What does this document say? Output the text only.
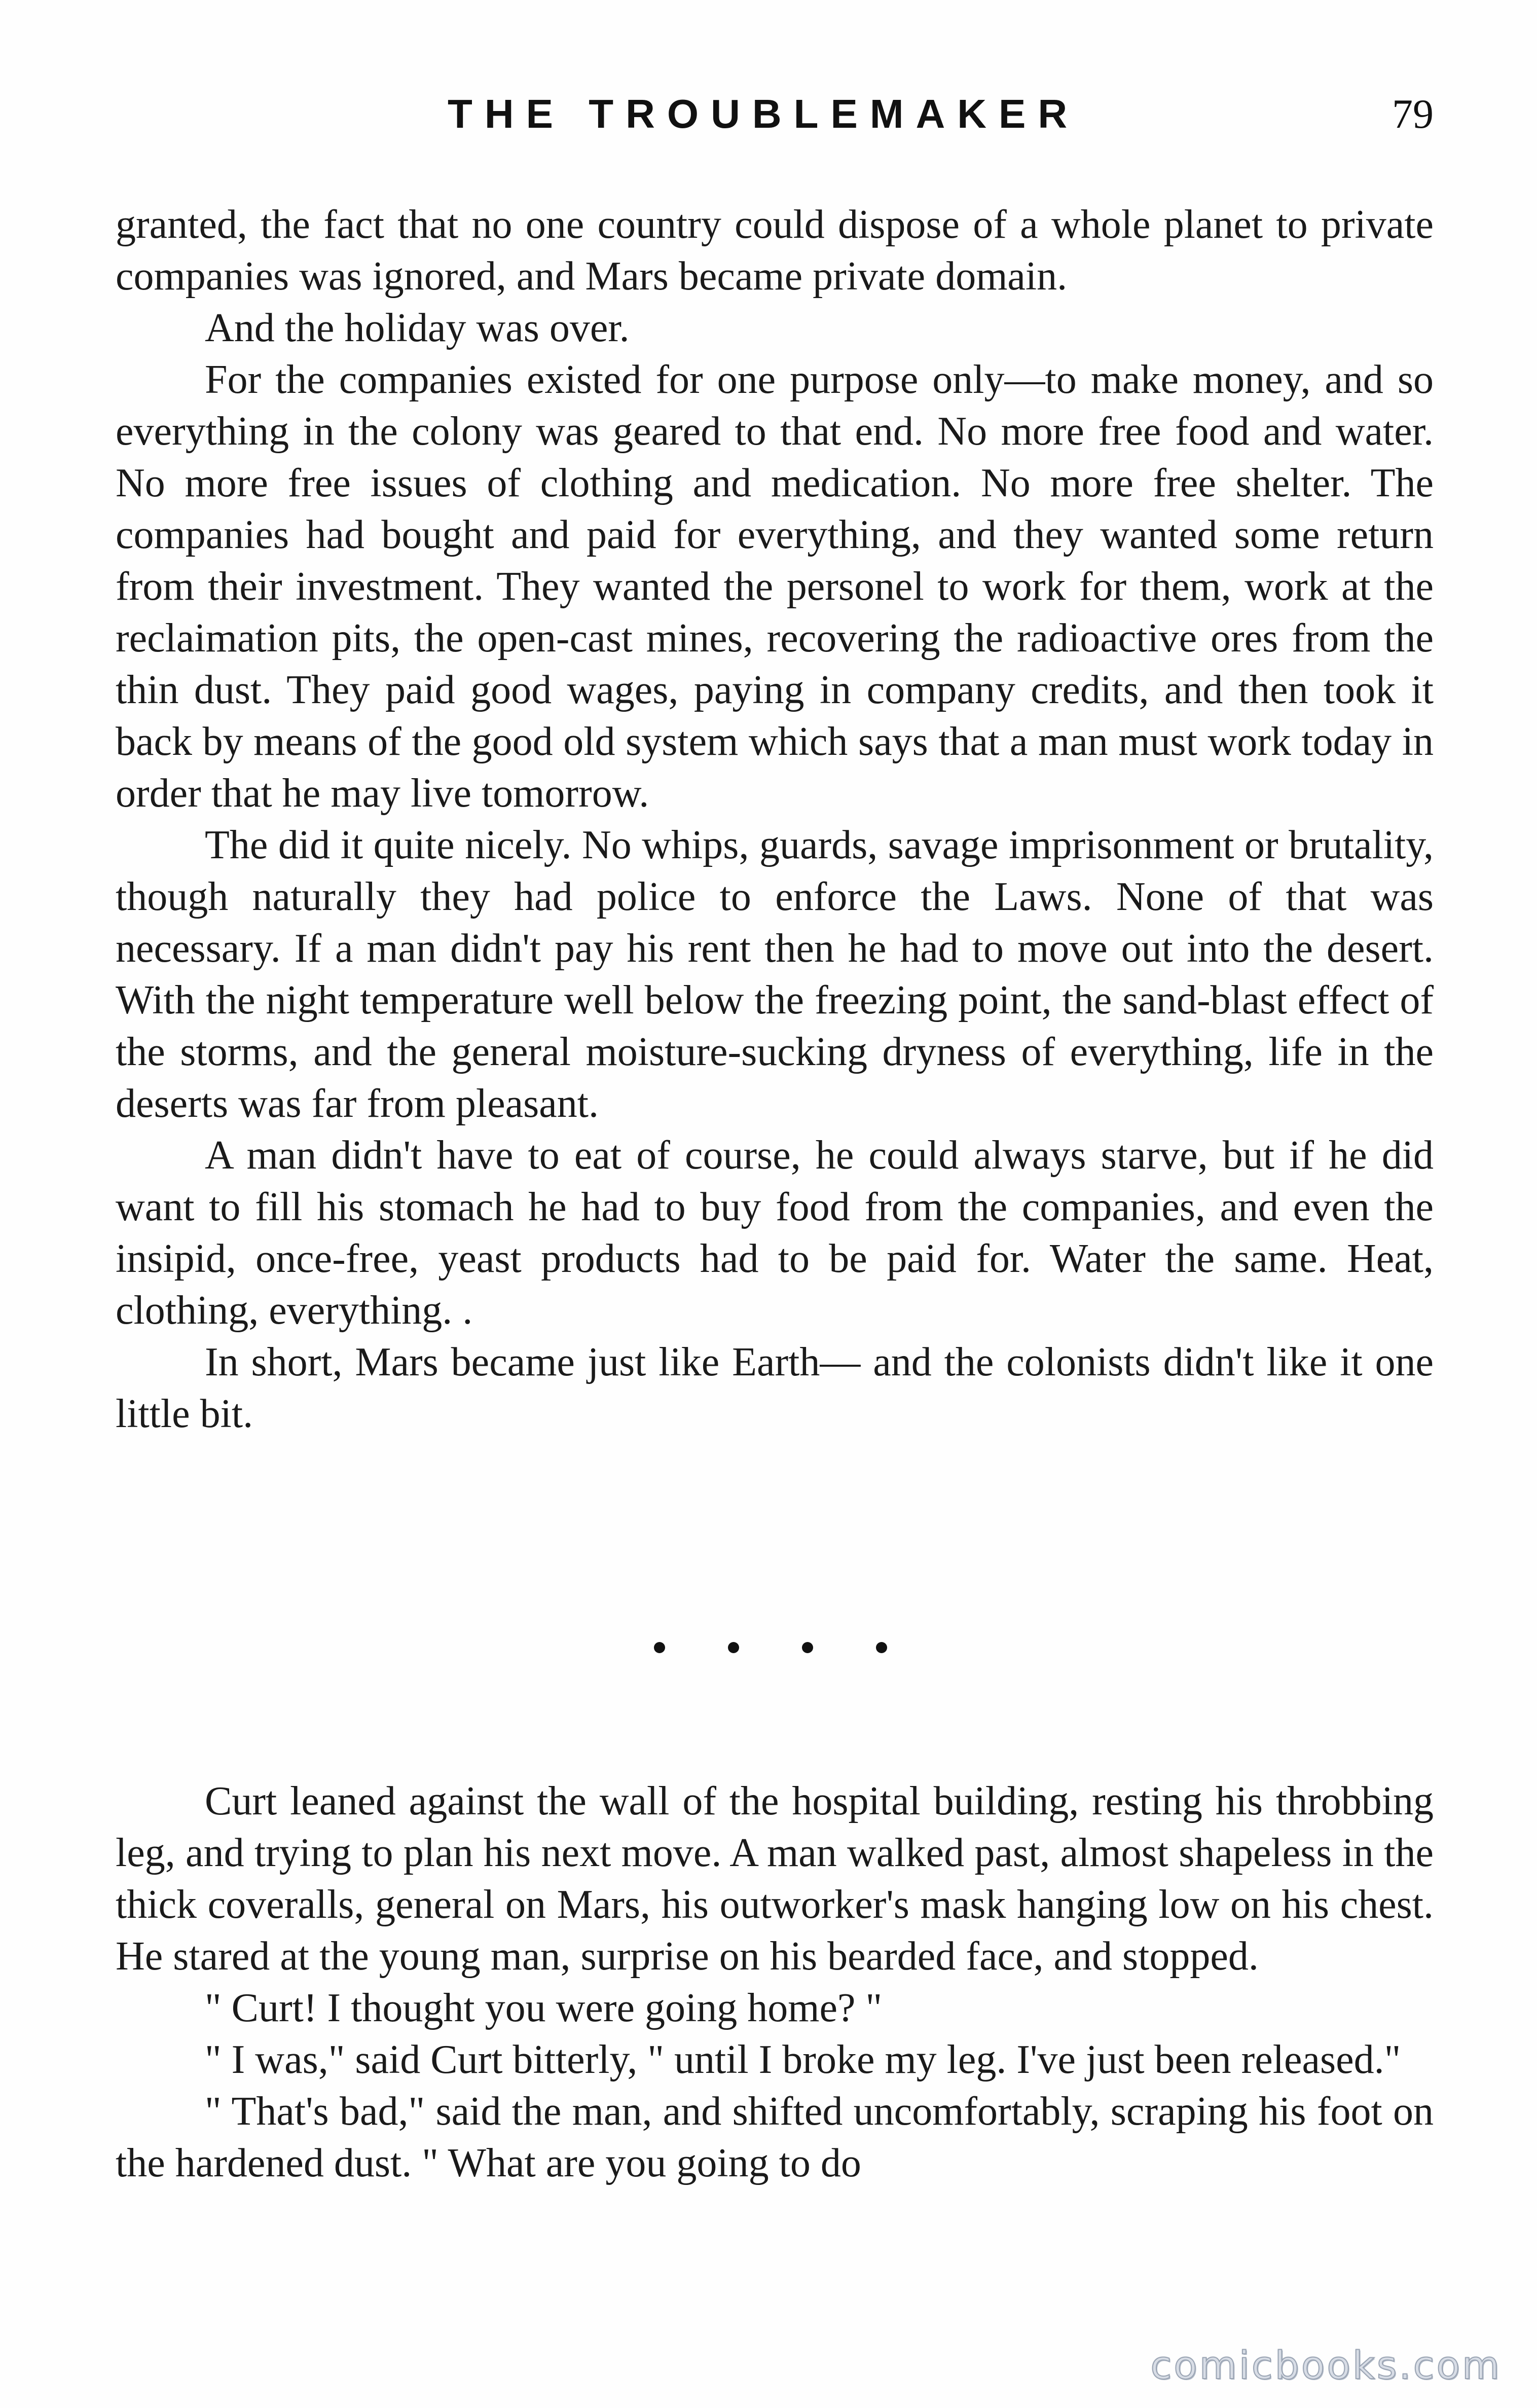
THE TROUBLEMAKER	79

granted, the fact that no one country could dispose of a whole planet to private companies was ignored, and Mars became private domain.

And the holiday was over.

For the companies existed for one purpose only—to make money, and so everything in the colony was geared to that end. No more free food and water. No more free issues of clothing and medication. No more free shelter. The companies had bought and paid for everything, and they wanted some return from their investment. They wanted the personel to work for them, work at the reclaimation pits, the open-cast mines, recovering the radioactive ores from the thin dust. They paid good wages, paying in company credits, and then took it back by means of the good old system which says that a man must work today in order that he may live tomorrow.

The did it quite nicely. No whips, guards, savage imprisonment or brutality, though naturally they had police to enforce the Laws. None of that was necessary. If a man didn't pay his rent then he had to move out into the desert. With the night temperature well below the freezing point, the sand-blast effect of the storms, and the general moisture-sucking dryness of everything, life in the deserts was far from pleasant.

A man didn't have to eat of course, he could always starve, but if he did want to fill his stomach he had to buy food from the companies, and even the insipid, once-free, yeast products had to be paid for. Water the same. Heat, clothing, everything. .

In short, Mars became just like Earth— and the colonists didn't like it one little bit.

Curt leaned against the wall of the hospital building, resting his throbbing leg, and trying to plan his next move. A man walked past, almost shapeless in the thick coveralls, general on Mars, his outworker's mask hanging low on his chest. He stared at the young man, surprise on his bearded face, and stopped.

" Curt! I thought you were going home? "

" I was," said Curt bitterly, " until I broke my leg. I've just been released."

" That's bad," said the man, and shifted uncomfortably, scraping his foot on the hardened dust. " What are you going to do

comicbooks.com
